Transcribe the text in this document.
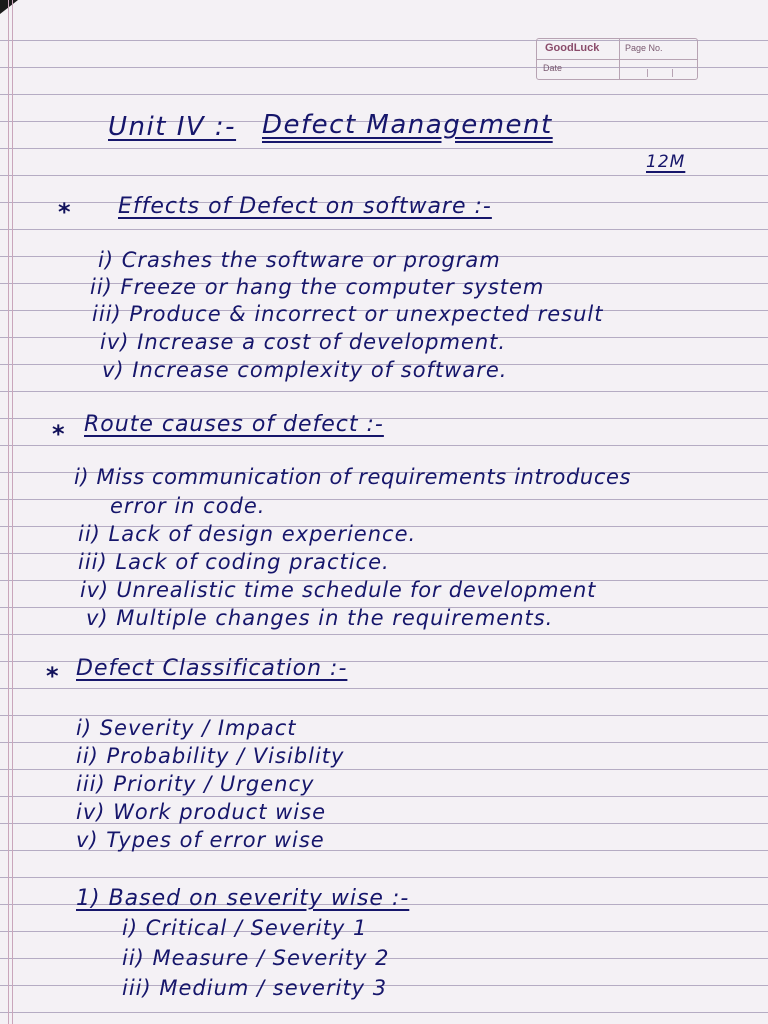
GoodLuck	Page No.
Date
Unit IV :- Defect Management
12M
* Effects of Defect on software :-
i) Crashes the software or program
ii) Freeze or hang the computer system
iii) Produce & incorrect or unexpected result
iv) Increase a cost of development.
v) Increase complexity of software.
* Route causes of defect :-
i) Miss communication of requirements introduces
error in code.
ii) Lack of design experience.
iii) Lack of coding practice.
iv) Unrealistic time schedule for development
v) Multiple changes in the requirements.
* Defect Classification :-
i) Severity / Impact
ii) Probability / Visiblity
iii) Priority / Urgency
iv) Work product wise
v) Types of error wise
1) Based on severity wise :-
i) Critical / Severity 1
ii) Measure / Severity 2
iii) Medium / severity 3
